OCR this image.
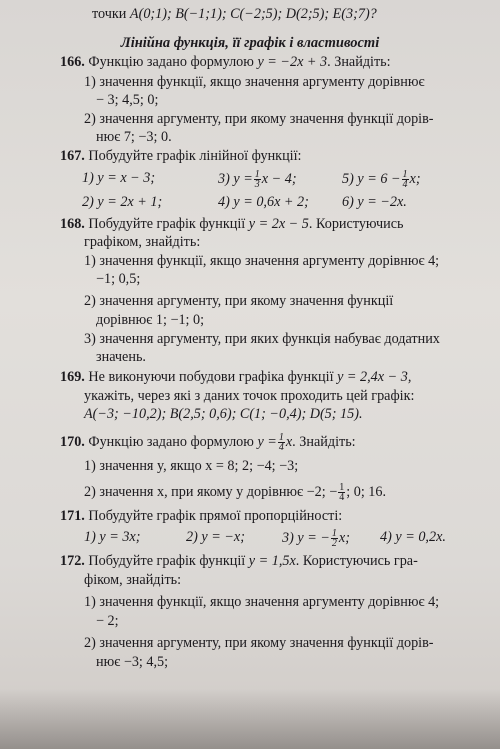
точки A(0;1); B(−1;1); C(−2;5); D(2;5); E(3;7)?
Лінійна функція, її графік і властивості
166. Функцію задано формулою y = −2x + 3. Знайдіть:
1) значення функції, якщо значення аргументу дорівнює
− 3; 4,5; 0;
2) значення аргументу, при якому значення функції дорів-
нює 7; −3; 0.
167. Побудуйте графік лінійної функції:
1) y = x − 3;	3) $y = \frac{1}{3}$ x − 4;	5) $y = 6 - \frac{1}{4} x$;
2) y = 2x + 1;	4) y = 0,6x + 2; 6) y = −2x.
168. Побудуйте графік функції y = 2x − 5. Користуючись
графіком, знайдіть:
1) значення функції, якщо значення аргументу дорівнює 4;
−1; 0,5;
2) значення аргументу, при якому значення функції
дорівнює 1; −1; 0;
3) значення аргументу, при яких функція набуває додатних
значень.
169. Не виконуючи побудови графіка функції y = 2,4x − 3,
укажіть, через які з даних точок проходить цей графік:
A(−3; −10,2); B(2,5; 0,6); C(1; −0,4); D(5; 15).
170. Функцію задано формулою $y = \frac{1}{4} x$. Знайдіть:
1) значення y, якщо x = 8; 2; −4; −3;
2) значення x, при якому y дорівнює −2; − $\frac{1}{4}$ ; 0; 16.
171. Побудуйте графік прямої пропорційності:
1) y = 3x;	2) y = −x;	3) y = − $\frac{1}{2} x$; 4) y = 0,2x.
172. Побудуйте графік функції y = 1,5x. Користуючись гра-
фіком, знайдіть:
1) значення функції, якщо значення аргументу дорівнює 4;
− 2;
2) значення аргументу, при якому значення функції дорів-
нює −3; 4,5;
